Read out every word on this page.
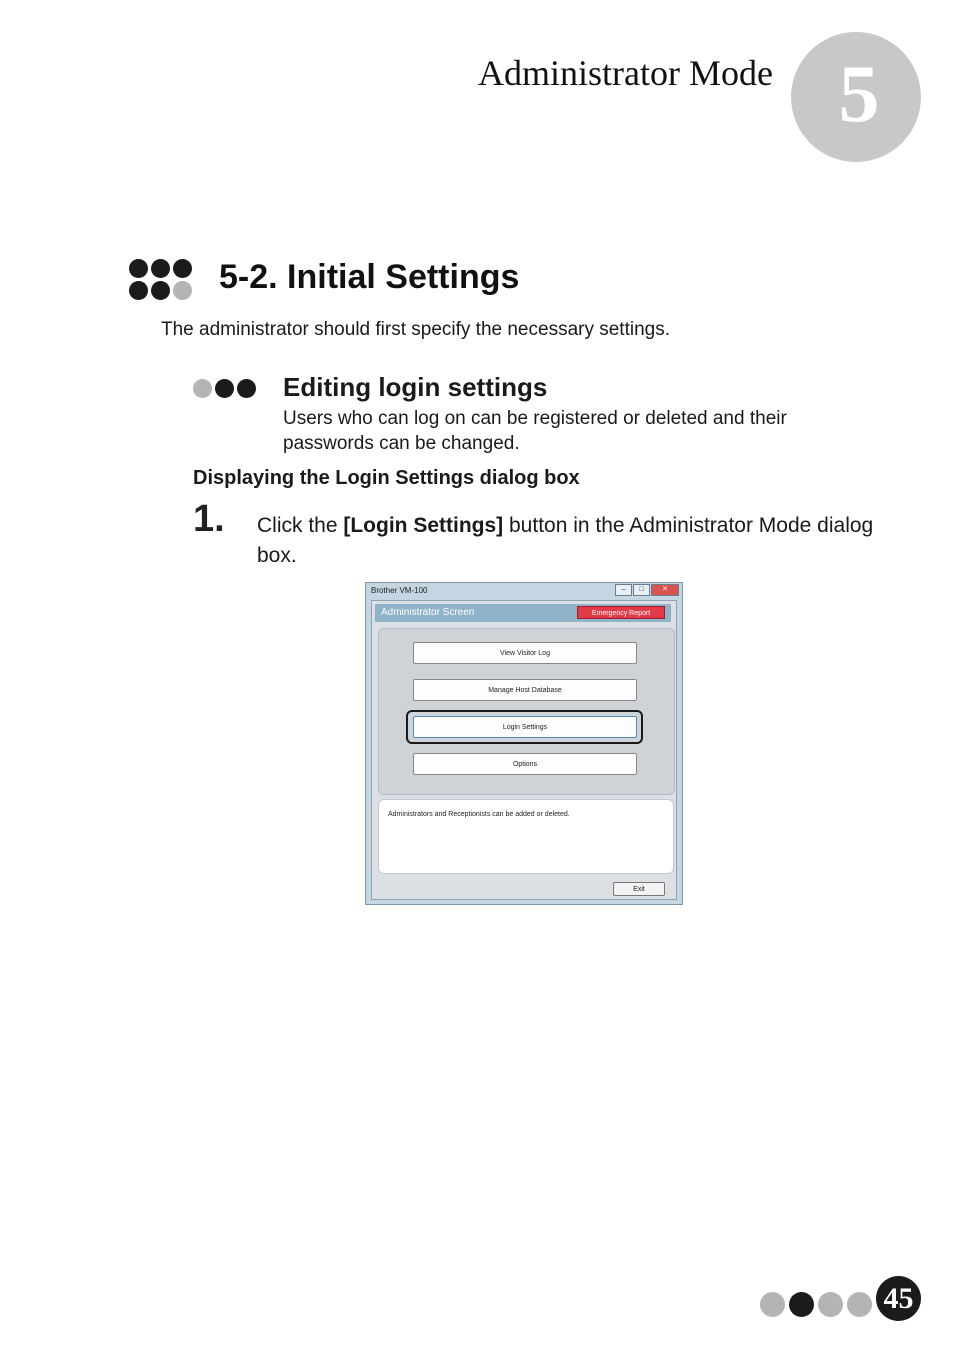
Administrator Mode 5
5-2. Initial Settings
The administrator should first specify the necessary settings.
Editing login settings
Users who can log on can be registered or deleted and their passwords can be changed.
Displaying the Login Settings dialog box
1. Click the [Login Settings] button in the Administrator Mode dialog box.
Brother VM-100	–	□	✕
Administrator Screen	Emergency Report
View Visitor Log
Manage Host Database
Login Settings
Options
Administrators and Receptionists can be added or deleted.
Exit
45
